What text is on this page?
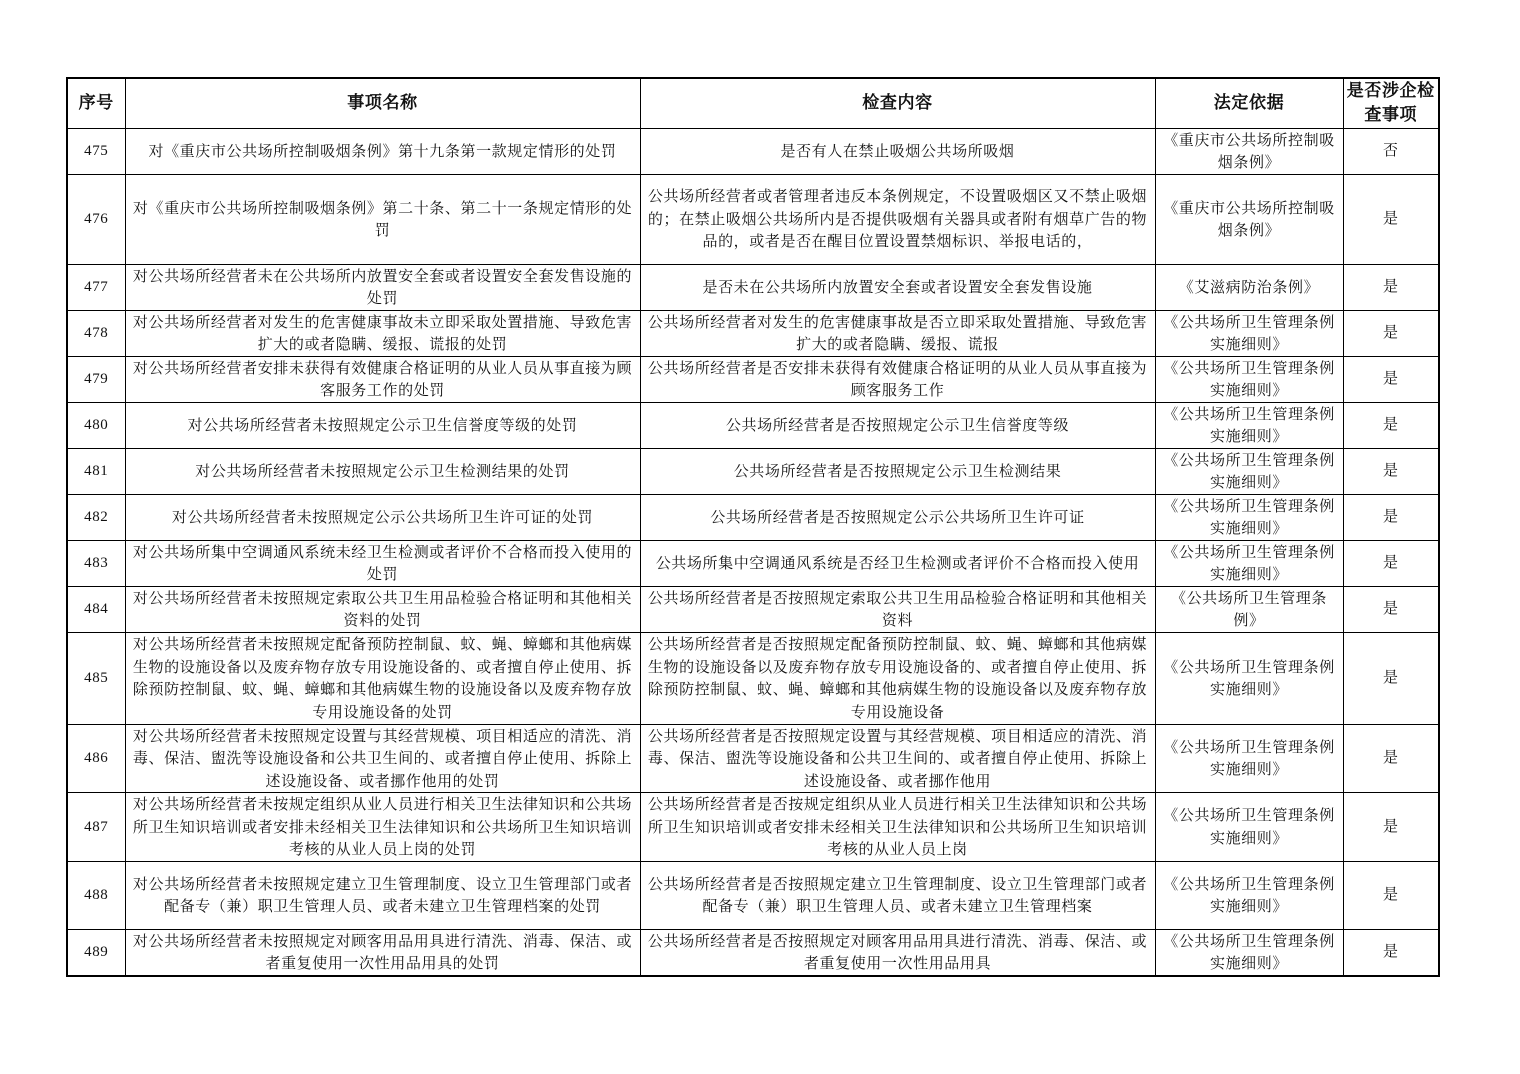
序号	事项名称	检查内容	法定依据	是否涉企检查事项
475	对《重庆市公共场所控制吸烟条例》第十九条第一款规定情形的处罚	是否有人在禁止吸烟公共场所吸烟	《重庆市公共场所控制吸烟条例》	否
476	对《重庆市公共场所控制吸烟条例》第二十条、第二十一条规定情形的处罚	公共场所经营者或者管理者违反本条例规定，不设置吸烟区又不禁止吸烟的；在禁止吸烟公共场所内是否提供吸烟有关器具或者附有烟草广告的物品的，或者是否在醒目位置设置禁烟标识、举报电话的，	《重庆市公共场所控制吸烟条例》	是
477	对公共场所经营者未在公共场所内放置安全套或者设置安全套发售设施的处罚	是否未在公共场所内放置安全套或者设置安全套发售设施	《艾滋病防治条例》	是
478	对公共场所经营者对发生的危害健康事故未立即采取处置措施、导致危害扩大的或者隐瞒、缓报、谎报的处罚	公共场所经营者对发生的危害健康事故是否立即采取处置措施、导致危害扩大的或者隐瞒、缓报、谎报	《公共场所卫生管理条例实施细则》	是
479	对公共场所经营者安排未获得有效健康合格证明的从业人员从事直接为顾客服务工作的处罚	公共场所经营者是否安排未获得有效健康合格证明的从业人员从事直接为顾客服务工作	《公共场所卫生管理条例实施细则》	是
480	对公共场所经营者未按照规定公示卫生信誉度等级的处罚	公共场所经营者是否按照规定公示卫生信誉度等级	《公共场所卫生管理条例实施细则》	是
481	对公共场所经营者未按照规定公示卫生检测结果的处罚	公共场所经营者是否按照规定公示卫生检测结果	《公共场所卫生管理条例实施细则》	是
482	对公共场所经营者未按照规定公示公共场所卫生许可证的处罚	公共场所经营者是否按照规定公示公共场所卫生许可证	《公共场所卫生管理条例实施细则》	是
483	对公共场所集中空调通风系统未经卫生检测或者评价不合格而投入使用的处罚	公共场所集中空调通风系统是否经卫生检测或者评价不合格而投入使用	《公共场所卫生管理条例实施细则》	是
484	对公共场所经营者未按照规定索取公共卫生用品检验合格证明和其他相关资料的处罚	公共场所经营者是否按照规定索取公共卫生用品检验合格证明和其他相关资料	《公共场所卫生管理条例》	是
485	对公共场所经营者未按照规定配备预防控制鼠、蚊、蝇、蟑螂和其他病媒生物的设施设备以及废弃物存放专用设施设备的、或者擅自停止使用、拆除预防控制鼠、蚊、蝇、蟑螂和其他病媒生物的设施设备以及废弃物存放专用设施设备的处罚	公共场所经营者是否按照规定配备预防控制鼠、蚊、蝇、蟑螂和其他病媒生物的设施设备以及废弃物存放专用设施设备的、或者擅自停止使用、拆除预防控制鼠、蚊、蝇、蟑螂和其他病媒生物的设施设备以及废弃物存放专用设施设备	《公共场所卫生管理条例实施细则》	是
486	对公共场所经营者未按照规定设置与其经营规模、项目相适应的清洗、消毒、保洁、盥洗等设施设备和公共卫生间的、或者擅自停止使用、拆除上述设施设备、或者挪作他用的处罚	公共场所经营者是否按照规定设置与其经营规模、项目相适应的清洗、消毒、保洁、盥洗等设施设备和公共卫生间的、或者擅自停止使用、拆除上述设施设备、或者挪作他用	《公共场所卫生管理条例实施细则》	是
487	对公共场所经营者未按规定组织从业人员进行相关卫生法律知识和公共场所卫生知识培训或者安排未经相关卫生法律知识和公共场所卫生知识培训考核的从业人员上岗的处罚	公共场所经营者是否按规定组织从业人员进行相关卫生法律知识和公共场所卫生知识培训或者安排未经相关卫生法律知识和公共场所卫生知识培训考核的从业人员上岗	《公共场所卫生管理条例实施细则》	是
488	对公共场所经营者未按照规定建立卫生管理制度、设立卫生管理部门或者配备专（兼）职卫生管理人员、或者未建立卫生管理档案的处罚	公共场所经营者是否按照规定建立卫生管理制度、设立卫生管理部门或者配备专（兼）职卫生管理人员、或者未建立卫生管理档案	《公共场所卫生管理条例实施细则》	是
489	对公共场所经营者未按照规定对顾客用品用具进行清洗、消毒、保洁、或者重复使用一次性用品用具的处罚	公共场所经营者是否按照规定对顾客用品用具进行清洗、消毒、保洁、或者重复使用一次性用品用具	《公共场所卫生管理条例实施细则》	是
